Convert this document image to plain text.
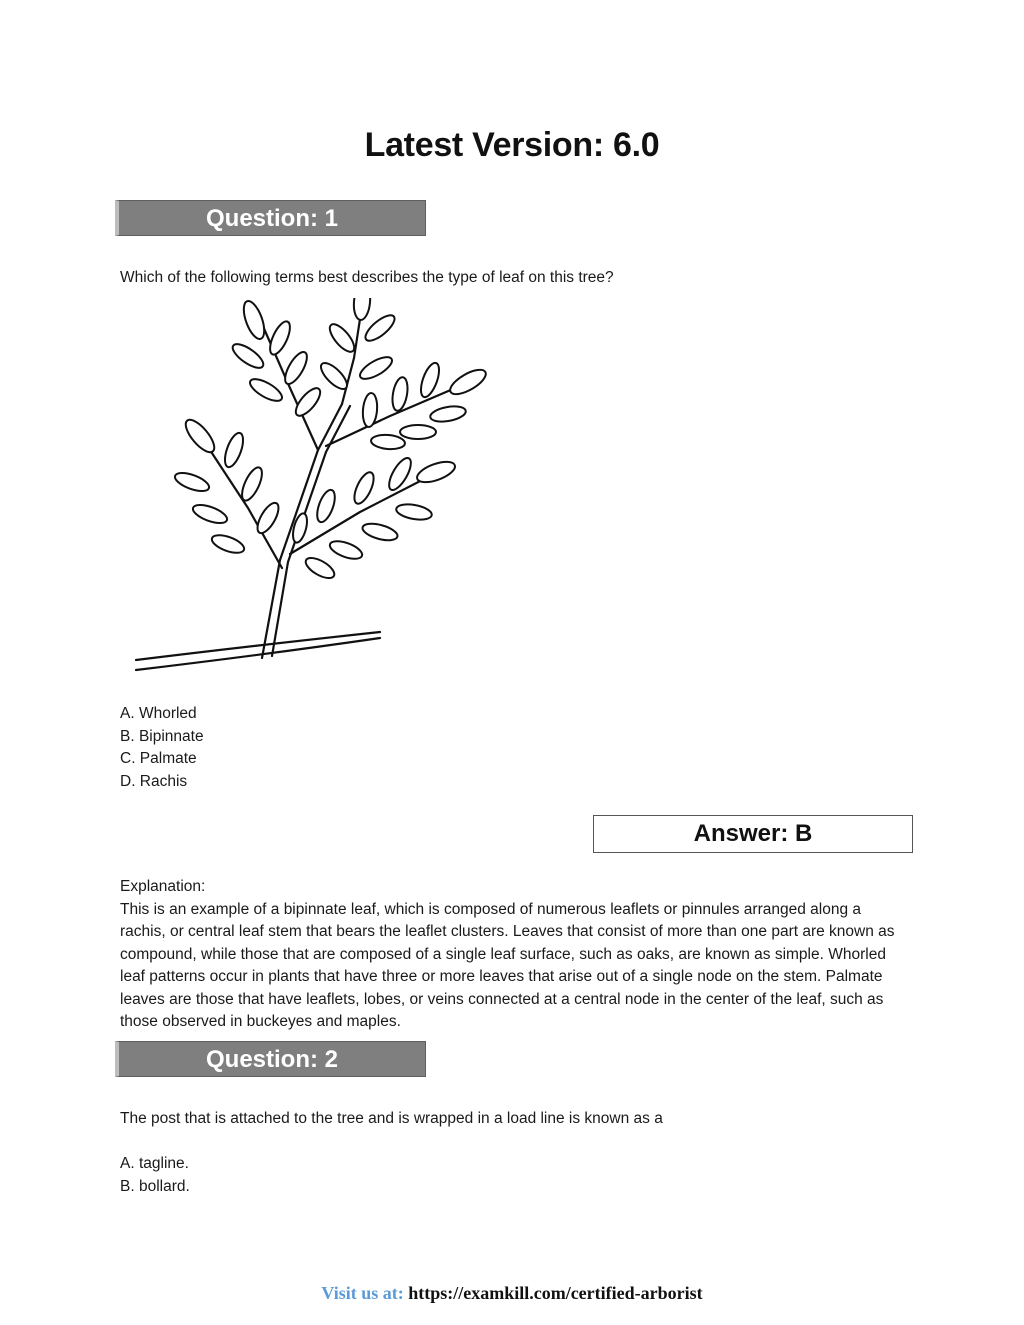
Latest Version: 6.0
Question: 1

Which of the following terms best describes the type of leaf on this tree?

A. Whorled
B. Bipinnate
C. Palmate
D. Rachis
Answer: B
Explanation:
This is an example of a bipinnate leaf, which is composed of numerous leaflets or pinnules arranged along a rachis, or central leaf stem that bears the leaflet clusters. Leaves that consist of more than one part are known as compound, while those that are composed of a single leaf surface, such as oaks, are known as simple. Whorled leaf patterns occur in plants that have three or more leaves that arise out of a single node on the stem. Palmate leaves are those that have leaflets, lobes, or veins connected at a central node in the center of the leaf, such as those observed in buckeyes and maples.
Question: 2

The post that is attached to the tree and is wrapped in a load line is known as a

A. tagline.
B. bollard.
Visit us at: https://examkill.com/certified-arborist
